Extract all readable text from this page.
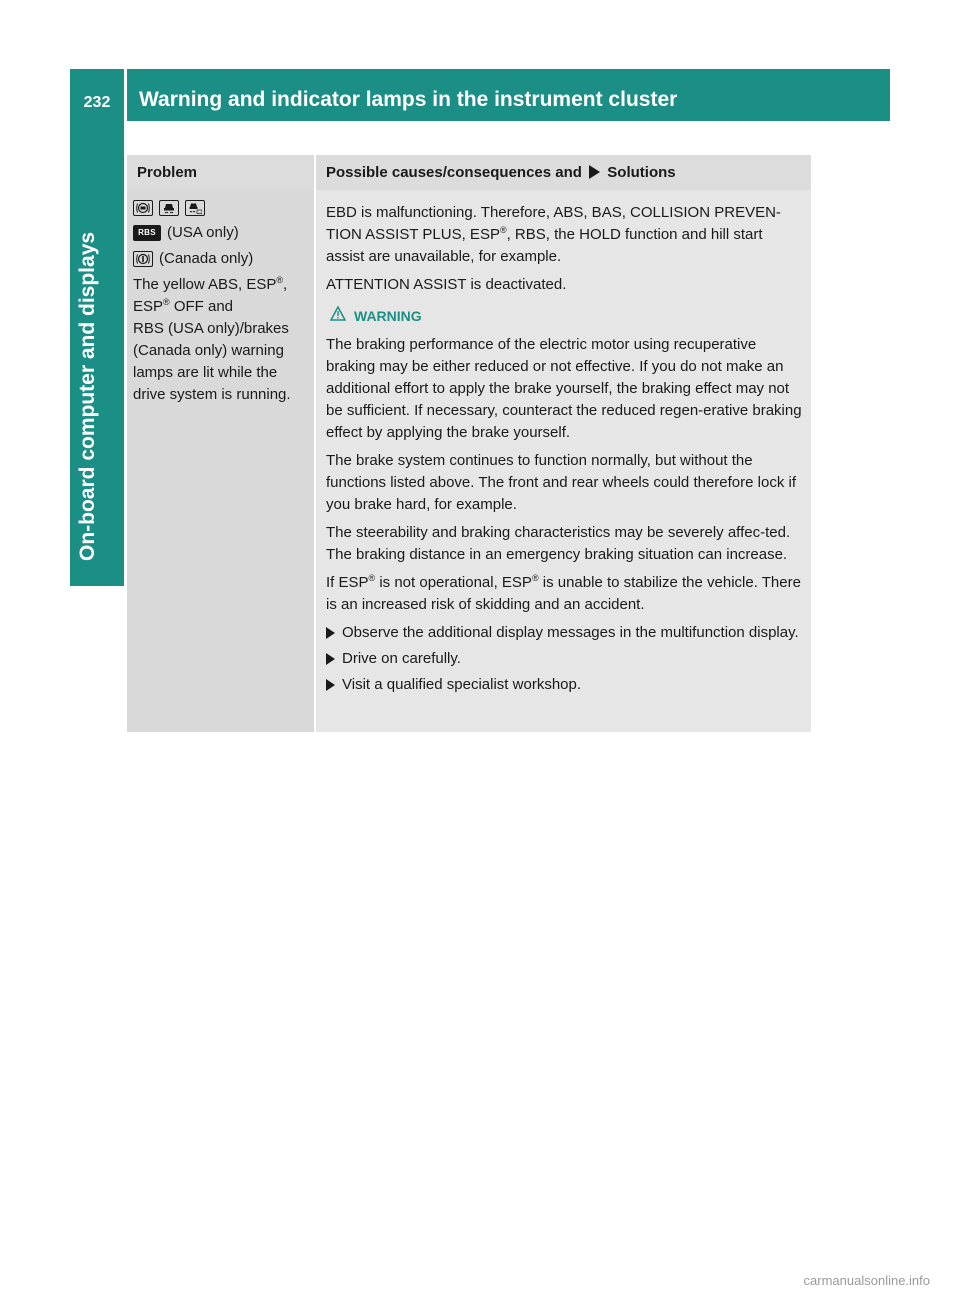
232	Warning and indicator lamps in the instrument cluster
On-board computer and displays
Problem	Possible causes/consequences and Solutions
RBS (USA only)
(Canada only)

The yellow ABS, ESP®,
ESP® OFF and
RBS (USA only)/brakes (Canada only) warning lamps are lit while the drive system is running.

EBD is malfunctioning. Therefore, ABS, BAS, COLLISION PREVEN-TION ASSIST PLUS, ESP®, RBS, the HOLD function and hill start assist are unavailable, for example.

ATTENTION ASSIST is deactivated.

WARNING

The braking performance of the electric motor using recuperative braking may be either reduced or not effective. If you do not make an additional effort to apply the brake yourself, the braking effect may not be sufficient. If necessary, counteract the reduced regen-erative braking effect by applying the brake yourself.

The brake system continues to function normally, but without the functions listed above. The front and rear wheels could therefore lock if you brake hard, for example.

The steerability and braking characteristics may be severely affec-ted. The braking distance in an emergency braking situation can increase.

If ESP® is not operational, ESP® is unable to stabilize the vehicle. There is an increased risk of skidding and an accident.

Observe the additional display messages in the multifunction display.
Drive on carefully.
Visit a qualified specialist workshop.
carmanualsonline.info
